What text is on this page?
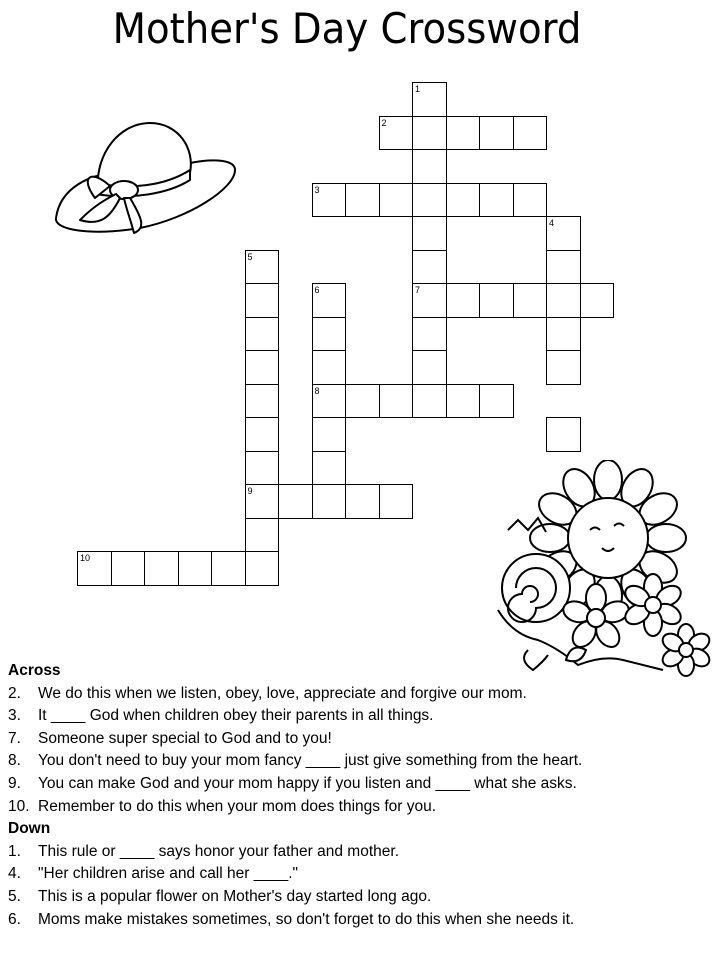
Mother's Day Crossword
1
2
3
4
5
6	7
8
9
10
Across
2. We do this when we listen, obey, love, appreciate and forgive our mom.
3. It ____ God when children obey their parents in all things.
7. Someone super special to God and to you!
8. You don't need to buy your mom fancy ____ just give something from the heart.
9. You can make God and your mom happy if you listen and ____ what she asks.
10. Remember to do this when your mom does things for you.
Down
1. This rule or ____ says honor your father and mother.
4. "Her children arise and call her ____."
5. This is a popular flower on Mother's day started long ago.
6. Moms make mistakes sometimes, so don't forget to do this when she needs it.
